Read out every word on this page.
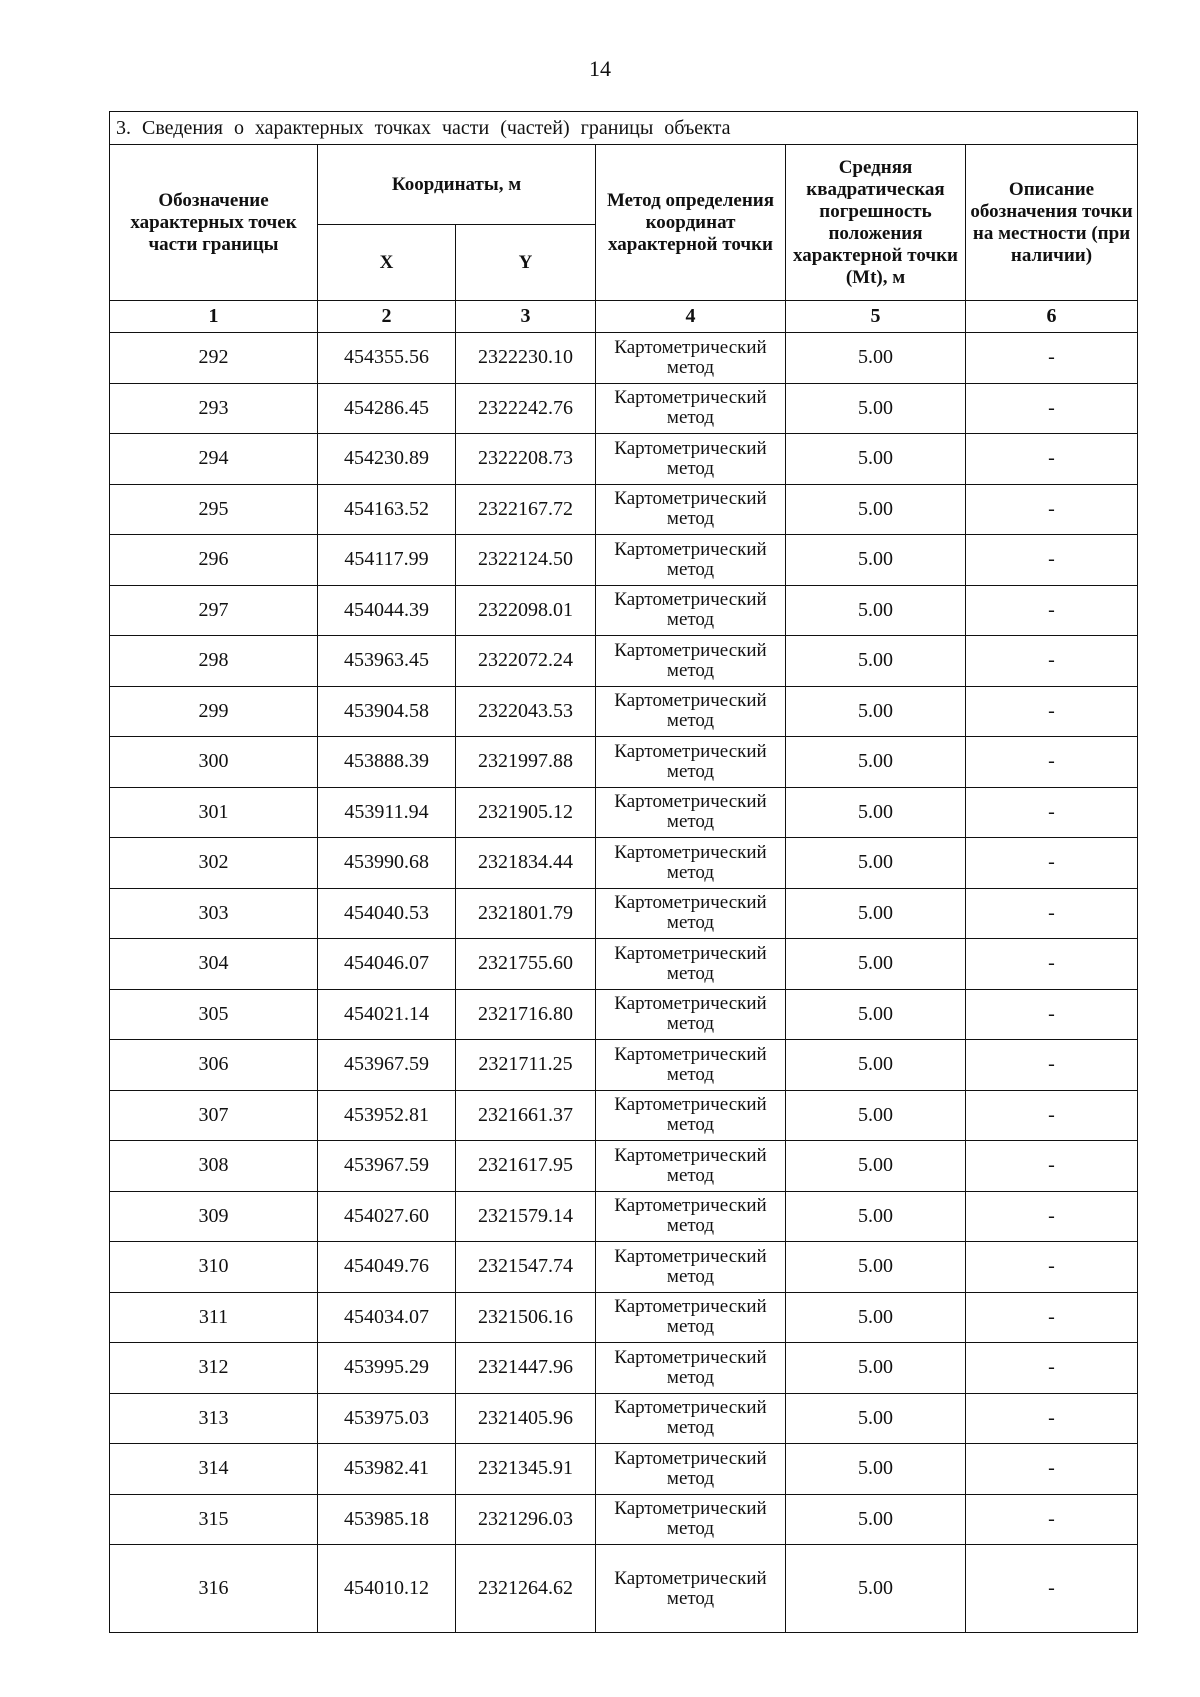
14
3. Сведения о характерных точках части (частей) границы объекта					
Обозначение характерных точек части границы	Координаты, м		Метод определения координат характерной точки	Средняя квадратическая погрешность положения характерной точки (Mt), м	Описание обозначения точки на местности (при наличии)
	X	Y			
1	2	3	4	5	6
292	454355.56	2322230.10	Картометрический метод	5.00	-
293	454286.45	2322242.76	Картометрический метод	5.00	-
294	454230.89	2322208.73	Картометрический метод	5.00	-
295	454163.52	2322167.72	Картометрический метод	5.00	-
296	454117.99	2322124.50	Картометрический метод	5.00	-
297	454044.39	2322098.01	Картометрический метод	5.00	-
298	453963.45	2322072.24	Картометрический метод	5.00	-
299	453904.58	2322043.53	Картометрический метод	5.00	-
300	453888.39	2321997.88	Картометрический метод	5.00	-
301	453911.94	2321905.12	Картометрический метод	5.00	-
302	453990.68	2321834.44	Картометрический метод	5.00	-
303	454040.53	2321801.79	Картометрический метод	5.00	-
304	454046.07	2321755.60	Картометрический метод	5.00	-
305	454021.14	2321716.80	Картометрический метод	5.00	-
306	453967.59	2321711.25	Картометрический метод	5.00	-
307	453952.81	2321661.37	Картометрический метод	5.00	-
308	453967.59	2321617.95	Картометрический метод	5.00	-
309	454027.60	2321579.14	Картометрический метод	5.00	-
310	454049.76	2321547.74	Картометрический метод	5.00	-
311	454034.07	2321506.16	Картометрический метод	5.00	-
312	453995.29	2321447.96	Картометрический метод	5.00	-
313	453975.03	2321405.96	Картометрический метод	5.00	-
314	453982.41	2321345.91	Картометрический метод	5.00	-
315	453985.18	2321296.03	Картометрический метод	5.00	-
316	454010.12	2321264.62	Картометрический метод	5.00	-
